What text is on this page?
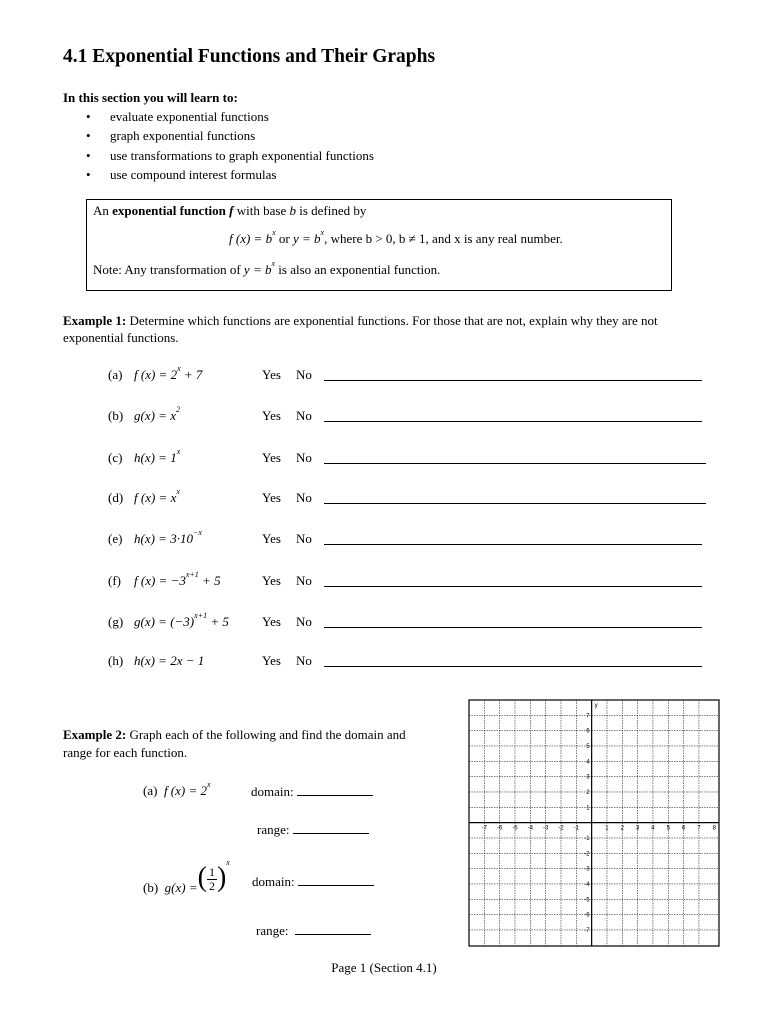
4.1 Exponential Functions and Their Graphs
In this section you will learn to:
• evaluate exponential functions
• graph exponential functions
• use transformations to graph exponential functions
• use compound interest formulas
An exponential function f with base b is defined by
f $(x) = b^x$ or $y = b^x$, where b > 0, b ≠ 1, and x is any real number.
Note: Any transformation of $y = b^x$ is also an exponential function.
Example 1: Determine which functions are exponential functions. For those that are not, explain why they are not exponential functions.
(a) f $(x) = 2^x + 7$	Yes No
(b) $g(x) = x^2$	Yes No
(c) $h(x) = 1^x$	Yes No
(d) f $(x) = x^x$	Yes No
(e) $h(x) = 3\cdot 10^{-x}$	Yes No
(f) f $(x) = -3^{x+1} + 5$	Yes No
(g) $g(x) = (-3)^{x+1} + 5$	Yes No
(h) h(x) = 2x − 1	Yes No
Example 2: Graph each of the following and find the domain and range for each function.
(a) f $(x) = 2^x$	domain:
range:
(b) g(x) =( $\frac{1}{2} )^x$
domain:
range:
-7 -6 -5 -4 -3 -2 -1	1 2 3 4 5 6 7 8
7
6
5
4
3
2
1
-1
-2
-3
-4
-5
-6
-7
y
Page 1 (Section 4.1)
